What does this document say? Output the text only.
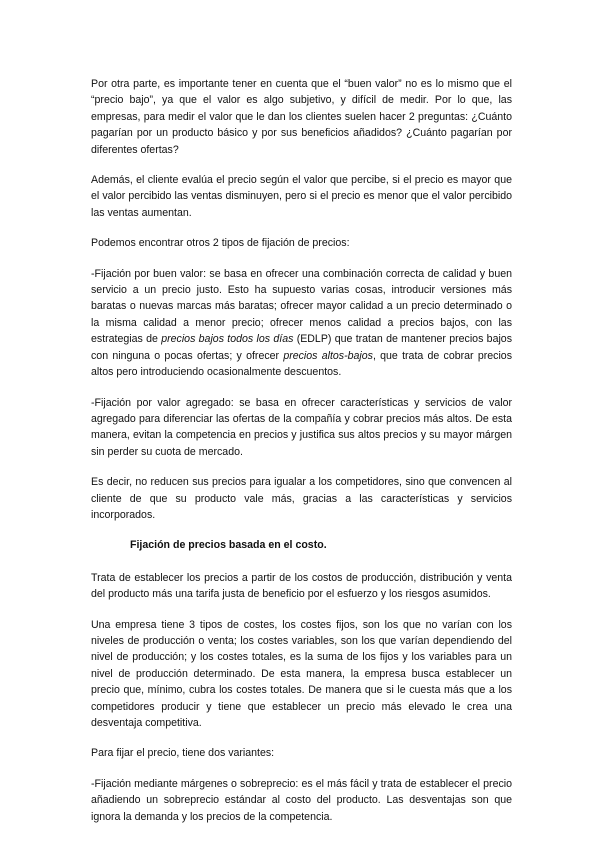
Por otra parte, es importante tener en cuenta que el “buen valor” no es lo mismo que el “precio bajo”, ya que el valor es algo subjetivo, y difícil de medir. Por lo que, las empresas, para medir el valor que le dan los clientes suelen hacer 2 preguntas: ¿Cuánto pagarían por un producto básico y por sus beneficios añadidos? ¿Cuánto pagarían por diferentes ofertas?

Además, el cliente evalúa el precio según el valor que percibe, si el precio es mayor que el valor percibido las ventas disminuyen, pero si el precio es menor que el valor percibido las ventas aumentan.

Podemos encontrar otros 2 tipos de fijación de precios:

-Fijación por buen valor: se basa en ofrecer una combinación correcta de calidad y buen servicio a un precio justo. Esto ha supuesto varias cosas, introducir versiones más baratas o nuevas marcas más baratas; ofrecer mayor calidad a un precio determinado o la misma calidad a menor precio; ofrecer menos calidad a precios bajos, con las estrategias de precios bajos todos los días (EDLP) que tratan de mantener precios bajos con ninguna o pocas ofertas; y ofrecer precios altos-bajos, que trata de cobrar precios altos pero introduciendo ocasionalmente descuentos.

-Fijación por valor agregado: se basa en ofrecer características y servicios de valor agregado para diferenciar las ofertas de la compañía y cobrar precios más altos. De esta manera, evitan la competencia en precios y justifica sus altos precios y su mayor márgen sin perder su cuota de mercado.

Es decir, no reducen sus precios para igualar a los competidores, sino que convencen al cliente de que su producto vale más, gracias a las características y servicios incorporados.

Fijación de precios basada en el costo.

Trata de establecer los precios a partir de los costos de producción, distribución y venta del producto más una tarifa justa de beneficio por el esfuerzo y los riesgos asumidos.

Una empresa tiene 3 tipos de costes, los costes fijos, son los que no varían con los niveles de producción o venta; los costes variables, son los que varían dependiendo del nivel de producción; y los costes totales, es la suma de los fijos y los variables para un nivel de producción determinado. De esta manera, la empresa busca establecer un precio que, mínimo, cubra los costes totales. De manera que si le cuesta más que a los competidores producir y tiene que establecer un precio más elevado le crea una desventaja competitiva.

Para fijar el precio, tiene dos variantes:

-Fijación mediante márgenes o sobreprecio: es el más fácil y trata de establecer el precio añadiendo un sobreprecio estándar al costo del producto. Las desventajas son que ignora la demanda y los precios de la competencia.
